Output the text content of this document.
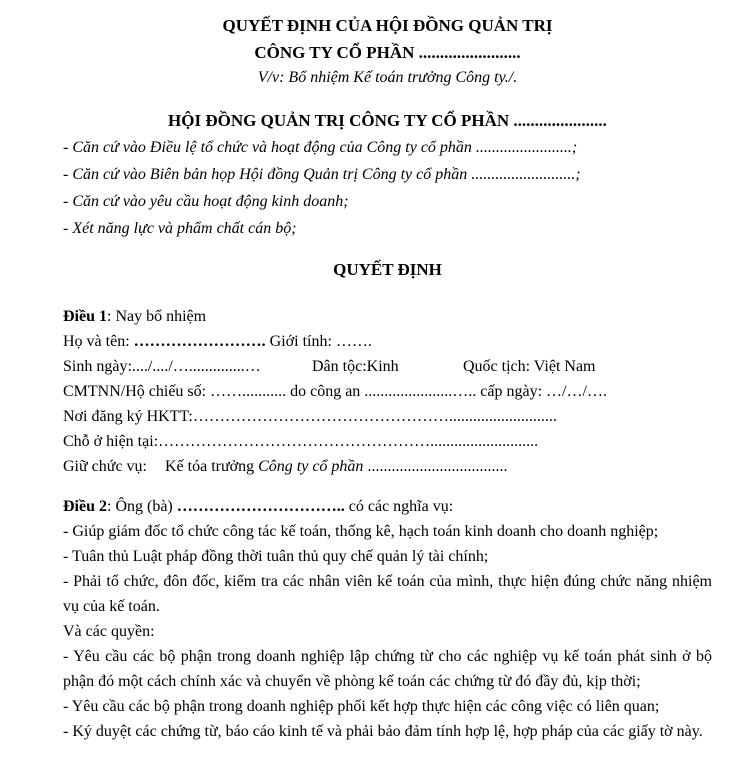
QUYẾT ĐỊNH CỦA HỘI ĐỒNG QUẢN TRỊ
CÔNG TY CỔ PHẦN ........................
V/v: Bổ nhiệm Kế toán trưởng Công ty./.
HỘI ĐỒNG QUẢN TRỊ CÔNG TY CỔ PHẦN ......................
- Căn cứ vào Điều lệ tổ chức và hoạt động của Công ty cổ phần ........................;
- Căn cứ vào Biên bản họp Hội đồng Quản trị Công ty cổ phần ..........................;
- Căn cứ vào yêu cầu hoạt động kinh doanh;
- Xét năng lực và phẩm chất cán bộ;
QUYẾT ĐỊNH
Điều 1: Nay bổ nhiệm
Họ và tên: ……………………. Giới tính: …….
Sinh ngày:..../..../…..............…	Dân tộc:Kinh	Quốc tịch: Việt Nam
CMTNN/Hộ chiếu số: ……........... do công an ......................….. cấp ngày: …/…/….
Nơi đăng ký HKTT:…………………………………………...........................
Chỗ ở hiện tại:……………………………………………...........................
Giữ chức vụ: Kế tóa trưởng Công ty cổ phần ...................................
Điều 2: Ông (bà) ………………………….. có các nghĩa vụ:
- Giúp giám đốc tổ chức công tác kế toán, thống kê, hạch toán kinh doanh cho doanh nghiệp;
- Tuân thủ Luật pháp đồng thời tuân thủ quy chế quản lý tài chính;
- Phải tổ chức, đôn đốc, kiểm tra các nhân viên kế toán của mình, thực hiện đúng chức năng nhiệm vụ của kế toán.
Và các quyền:
- Yêu cầu các bộ phận trong doanh nghiệp lập chứng từ cho các nghiệp vụ kế toán phát sinh ở bộ phận đó một cách chính xác và chuyển về phòng kế toán các chứng từ đó đầy đủ, kịp thời;
- Yêu cầu các bộ phận trong doanh nghiệp phối kết hợp thực hiện các công việc có liên quan;
- Ký duyệt các chứng từ, báo cáo kinh tế và phải bảo đảm tính hợp lệ, hợp pháp của các giấy tờ này.
